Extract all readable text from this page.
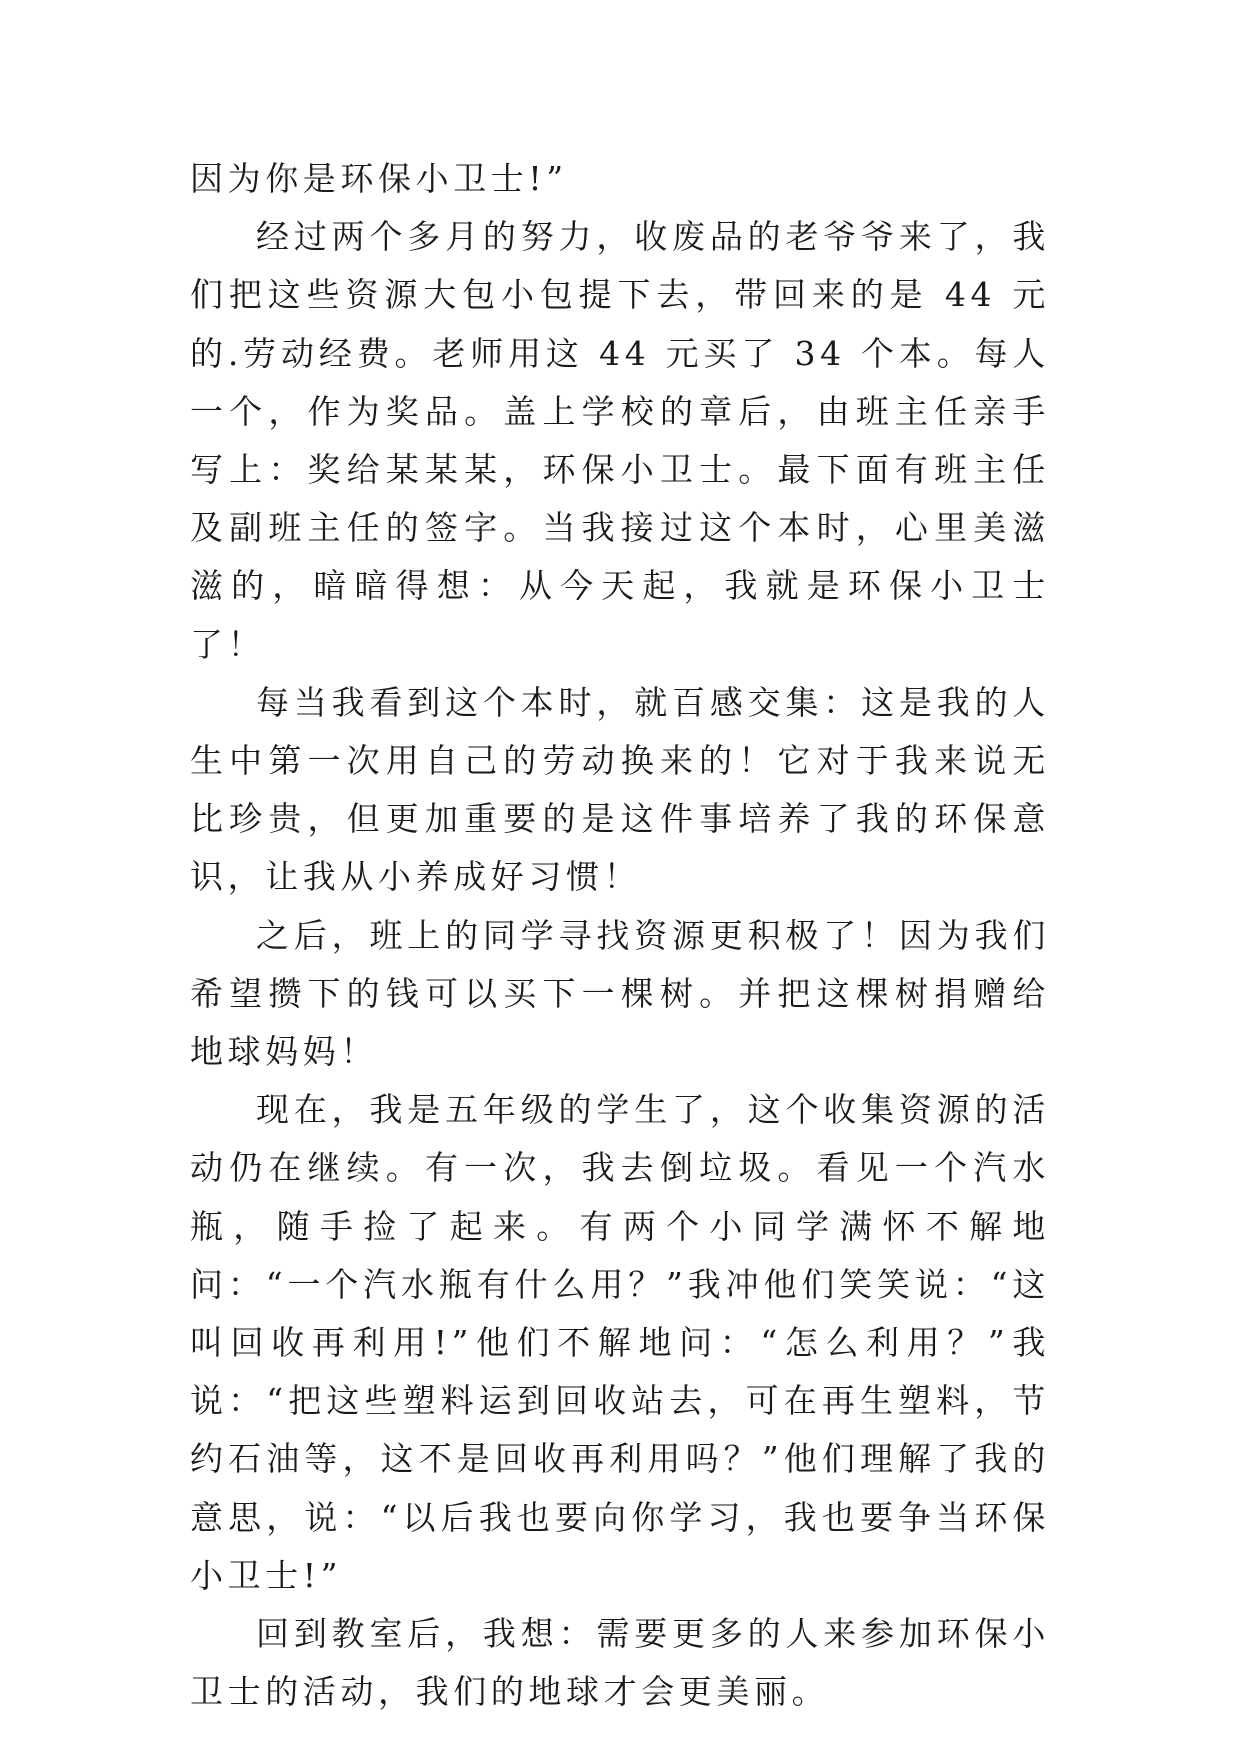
因为你是环保小卫士!”

经过两个多月的努力，收废品的老爷爷来了，我们把这些资源大包小包提下去，带回来的是 44 元的.劳动经费。老师用这 44 元买了 34 个本。每人一个，作为奖品。盖上学校的章后，由班主任亲手写上：奖给某某某，环保小卫士。最下面有班主任及副班主任的签字。当我接过这个本时，心里美滋滋的，暗暗得想：从今天起，我就是环保小卫士了！

每当我看到这个本时，就百感交集：这是我的人生中第一次用自己的劳动换来的！它对于我来说无比珍贵，但更加重要的是这件事培养了我的环保意识，让我从小养成好习惯！

之后，班上的同学寻找资源更积极了！因为我们希望攒下的钱可以买下一棵树。并把这棵树捐赠给地球妈妈！

现在，我是五年级的学生了，这个收集资源的活动仍在继续。有一次，我去倒垃圾。看见一个汽水瓶，随手捡了起来。有两个小同学满怀不解地问：“一个汽水瓶有什么用？”我冲他们笑笑说：“这叫回收再利用!”他们不解地问：“怎么利用？”我说：“把这些塑料运到回收站去，可在再生塑料，节约石油等，这不是回收再利用吗？”他们理解了我的意思，说：“以后我也要向你学习，我也要争当环保小卫士!”

回到教室后，我想：需要更多的人来参加环保小卫士的活动，我们的地球才会更美丽。
